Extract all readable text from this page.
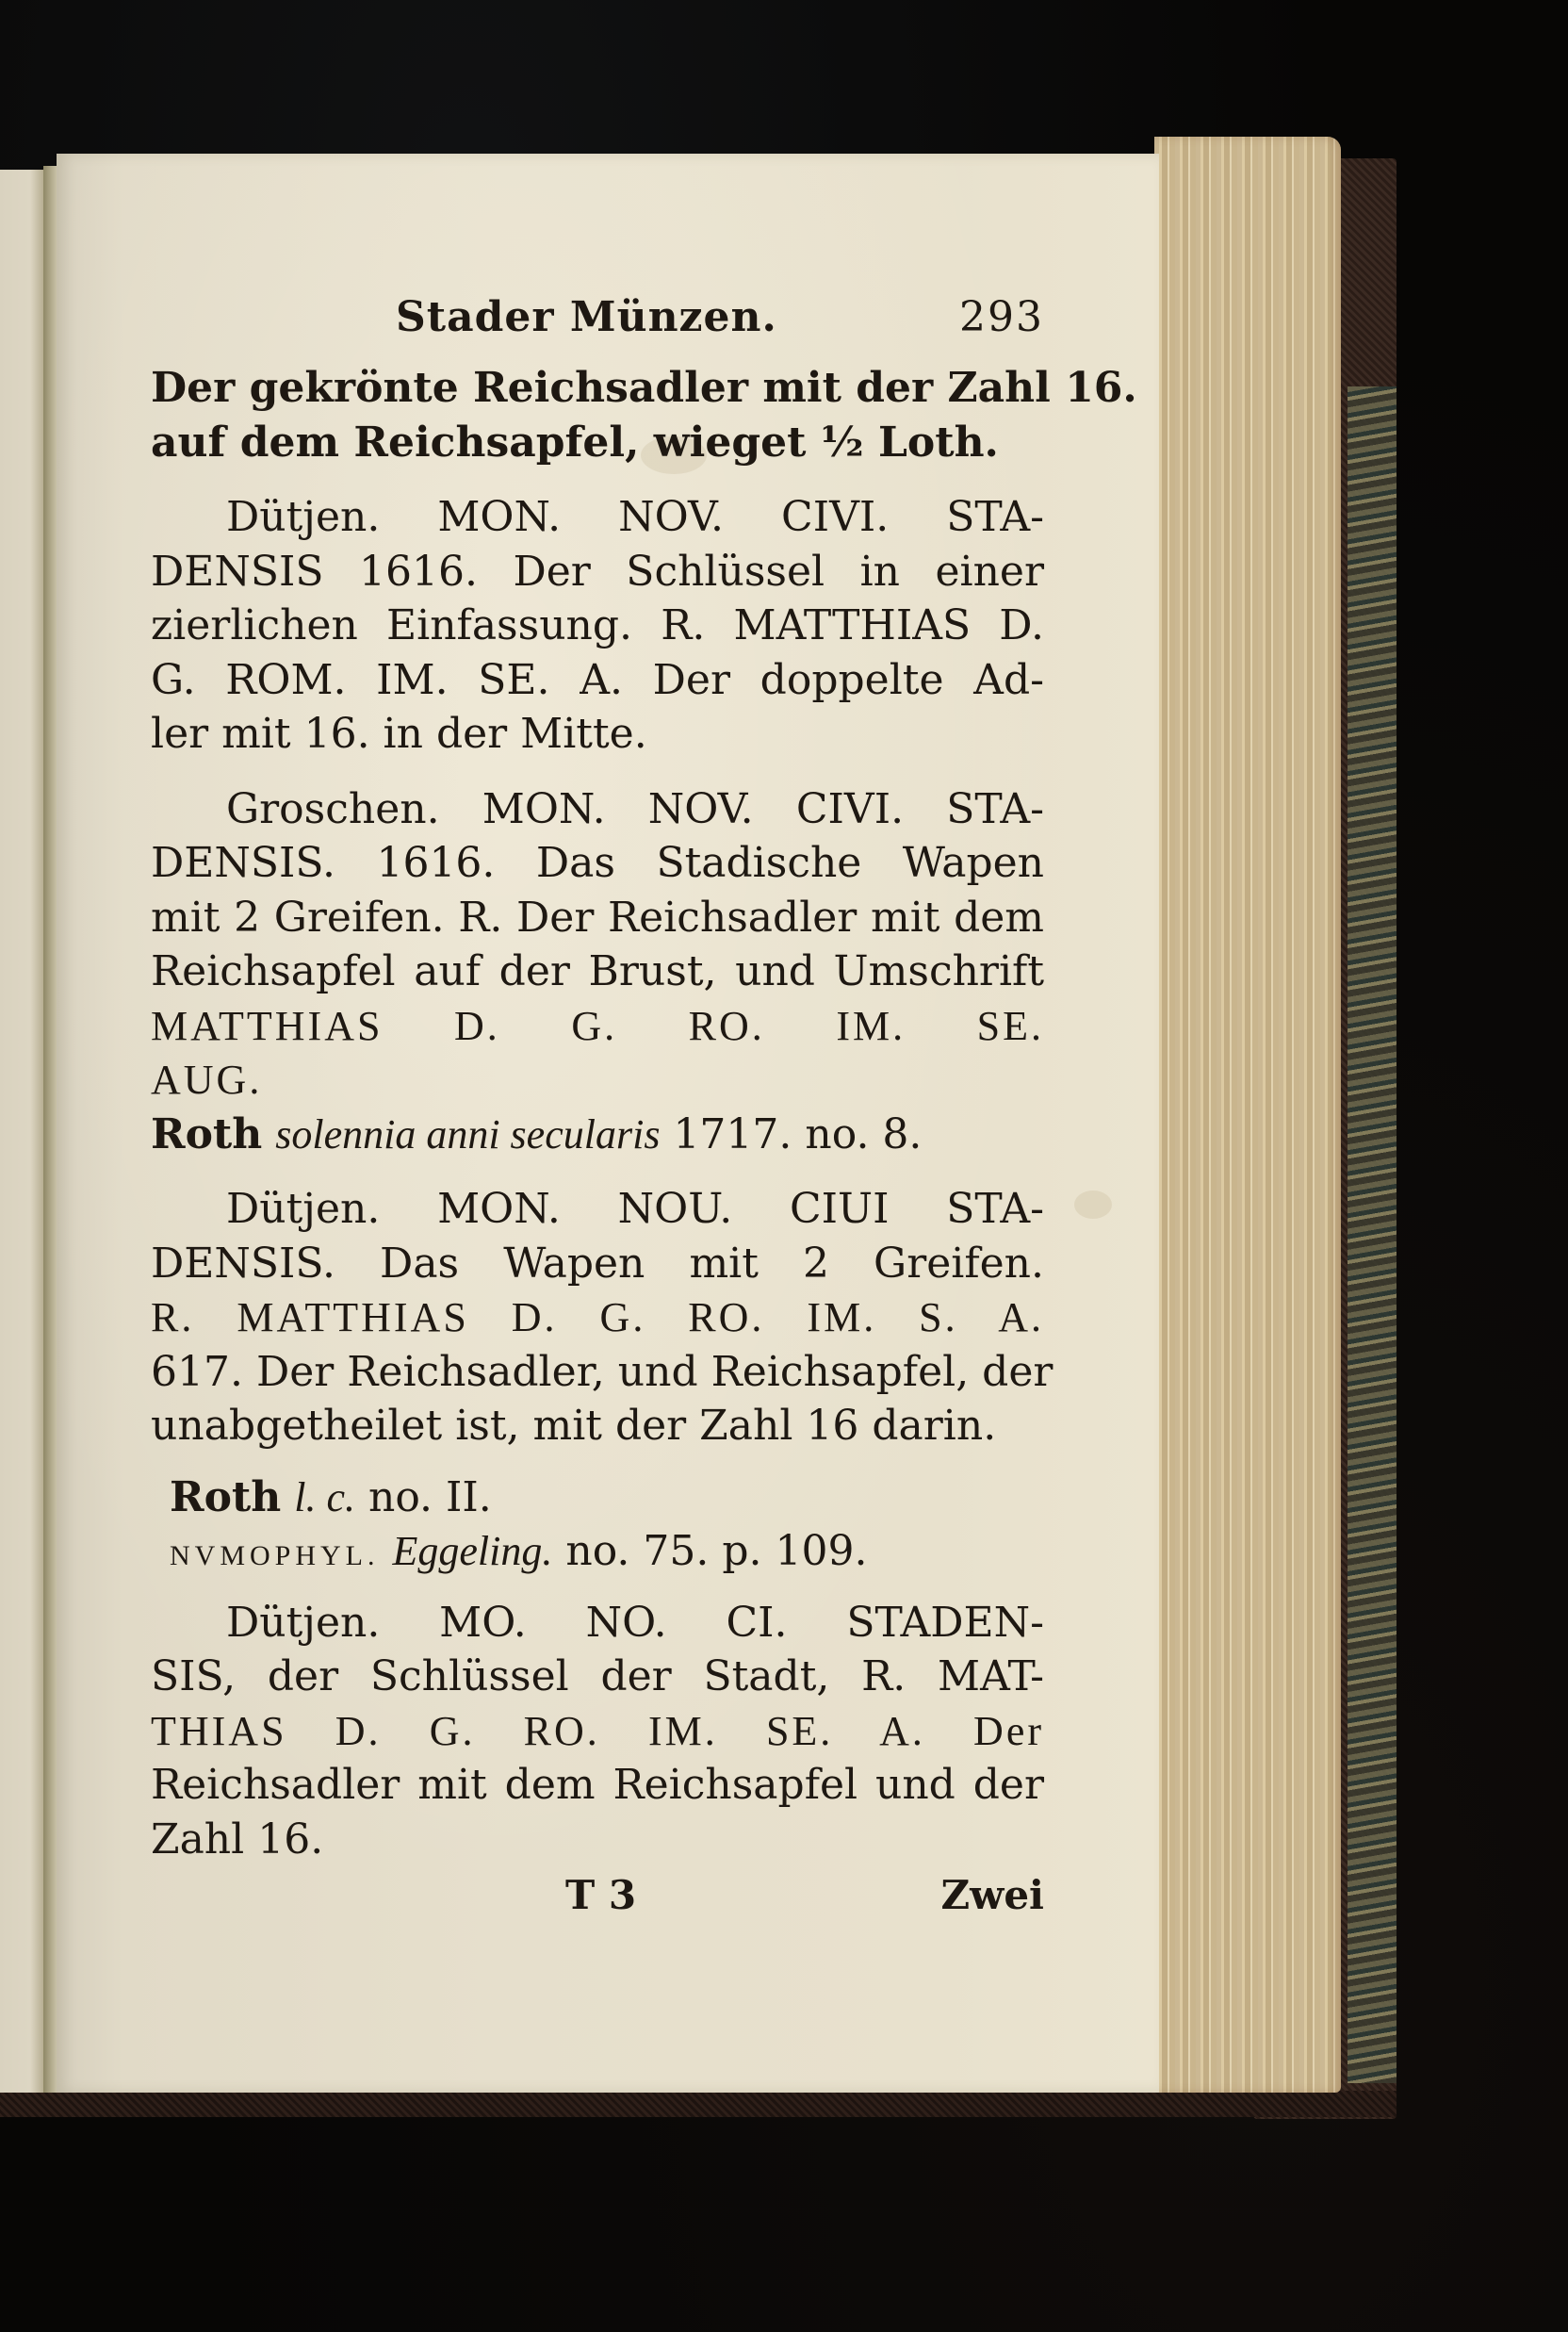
Stader Münzen.	293
Der gekrönte Reichsadler mit der Zahl 16.
auf dem Reichsapfel, wieget ½ Loth.
Dütjen. MON. NOV. CIVI. STA-
DENSIS 1616. Der Schlüssel in einer
zierlichen Einfassung. R. MATTHIAS D.
G. ROM. IM. SE. A. Der doppelte Ad-
ler mit 16. in der Mitte.
Groschen. MON. NOV. CIVI. STA-
DENSIS. 1616. Das Stadische Wapen
mit 2 Greifen. R. Der Reichsadler mit dem
Reichsapfel auf der Brust, und Umschrift
MATTHIAS D. G. RO. IM. SE.
AUG.
Roth solennia anni secularis 1717. no. 8.
Dütjen. MON. NOU. CIUI STA-
DENSIS. Das Wapen mit 2 Greifen.
R. MATTHIAS D. G. RO. IM. S. A.
617. Der Reichsadler, und Reichsapfel, der
unabgetheilet ist, mit der Zahl 16 darin.
Roth l. c. no. II.
NVMOPHYL. Eggeling. no. 75. p. 109.
Dütjen. MO. NO. CI. STADEN-
SIS, der Schlüssel der Stadt, R. MAT-
THIAS D. G. RO. IM. SE. A. Der
Reichsadler mit dem Reichsapfel und der
Zahl 16.
T 3	Zwei
